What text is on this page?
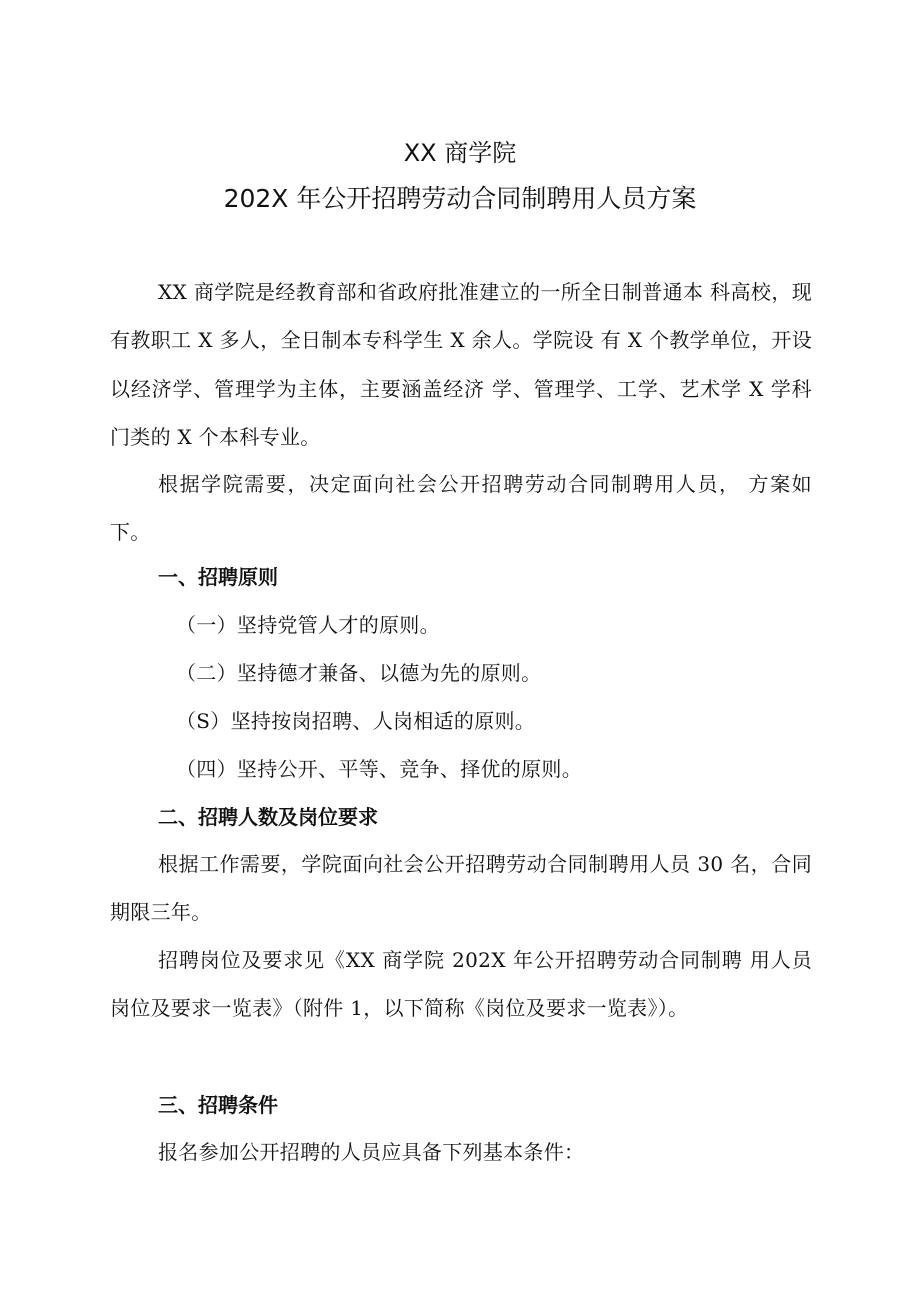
XX 商学院
202X 年公开招聘劳动合同制聘用人员方案

XX 商学院是经教育部和省政府批准建立的一所全日制普通本 科高校，现有教职工 X 多人，全日制本专科学生 X 余人。学院设 有 X 个教学单位，开设以经济学、管理学为主体，主要涵盖经济 学、管理学、工学、艺术学 X 学科门类的 X 个本科专业。

根据学院需要，决定面向社会公开招聘劳动合同制聘用人员， 方案如下。

一、招聘原则

（一）坚持党管人才的原则。

（二）坚持德才兼备、以德为先的原则。

（S）坚持按岗招聘、人岗相适的原则。

（四）坚持公开、平等、竞争、择优的原则。

二、招聘人数及岗位要求

根据工作需要，学院面向社会公开招聘劳动合同制聘用人员 30 名，合同期限三年。

招聘岗位及要求见《XX 商学院 202X 年公开招聘劳动合同制聘 用人员岗位及要求一览表》（附件 1，以下简称《岗位及要求一览表》）。

三、招聘条件

报名参加公开招聘的人员应具备下列基本条件：
